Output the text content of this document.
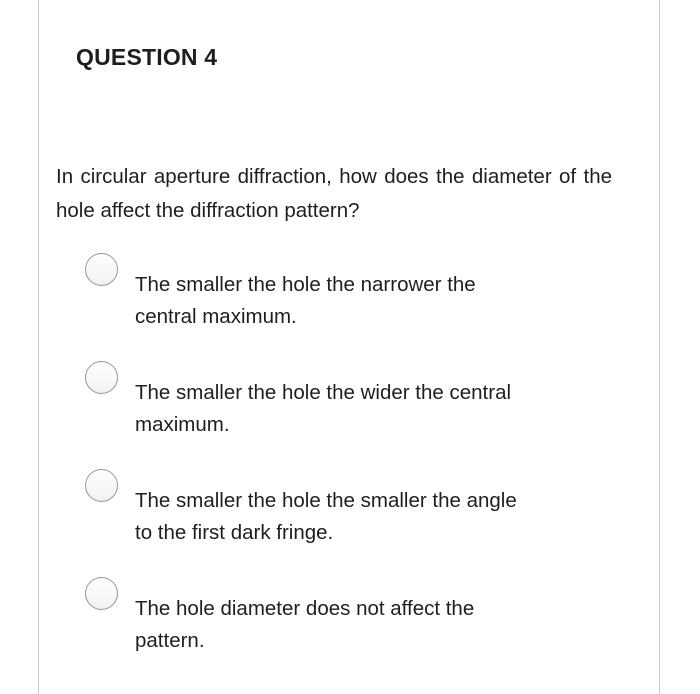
QUESTION 4
In circular aperture diffraction, how does the diameter of the hole affect the diffraction pattern?
The smaller the hole the narrower the central maximum.
The smaller the hole the wider the central maximum.
The smaller the hole the smaller the angle to the first dark fringe.
The hole diameter does not affect the pattern.
